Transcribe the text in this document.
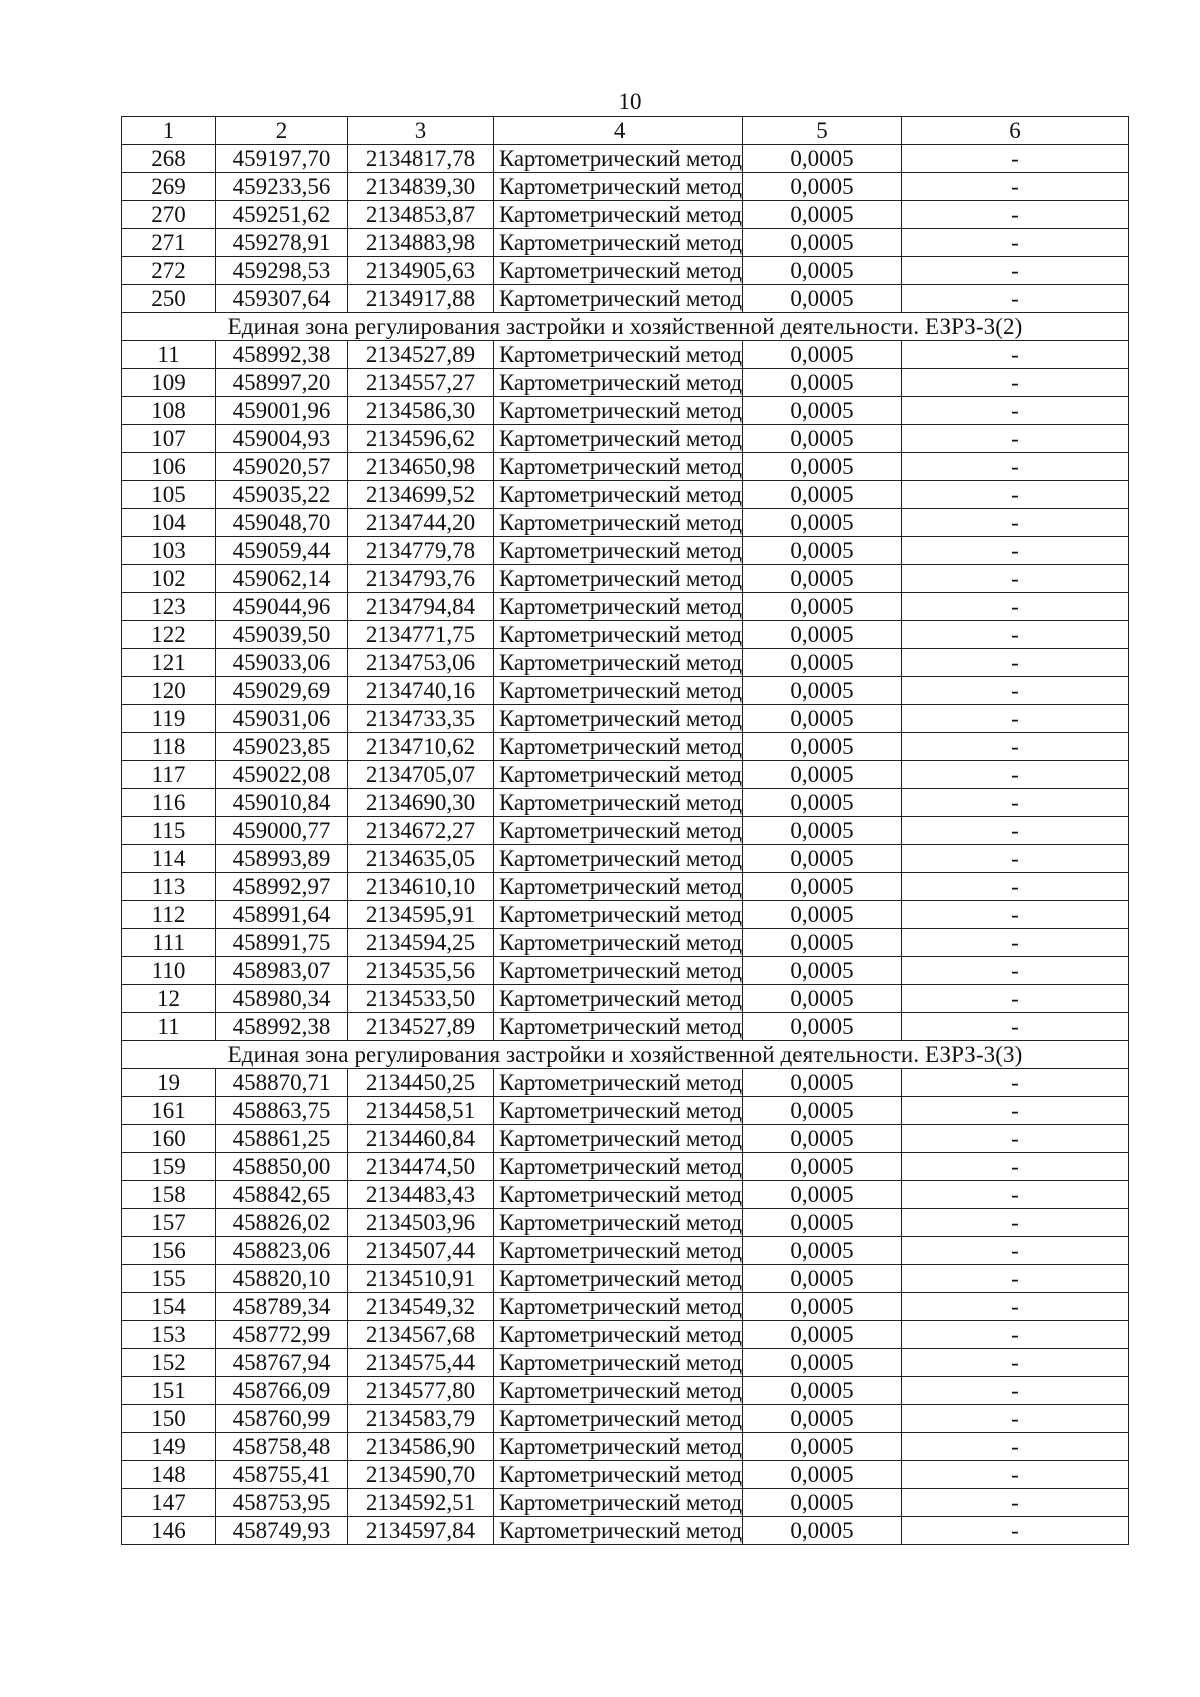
10
1	2	3	4	5	6
268	459197,70	2134817,78	Картометрический метод	0,0005	-
269	459233,56	2134839,30	Картометрический метод	0,0005	-
270	459251,62	2134853,87	Картометрический метод	0,0005	-
271	459278,91	2134883,98	Картометрический метод	0,0005	-
272	459298,53	2134905,63	Картометрический метод	0,0005	-
250	459307,64	2134917,88	Картометрический метод	0,0005	-
Единая зона регулирования застройки и хозяйственной деятельности. ЕЗРЗ-3(2)					
11	458992,38	2134527,89	Картометрический метод	0,0005	-
109	458997,20	2134557,27	Картометрический метод	0,0005	-
108	459001,96	2134586,30	Картометрический метод	0,0005	-
107	459004,93	2134596,62	Картометрический метод	0,0005	-
106	459020,57	2134650,98	Картометрический метод	0,0005	-
105	459035,22	2134699,52	Картометрический метод	0,0005	-
104	459048,70	2134744,20	Картометрический метод	0,0005	-
103	459059,44	2134779,78	Картометрический метод	0,0005	-
102	459062,14	2134793,76	Картометрический метод	0,0005	-
123	459044,96	2134794,84	Картометрический метод	0,0005	-
122	459039,50	2134771,75	Картометрический метод	0,0005	-
121	459033,06	2134753,06	Картометрический метод	0,0005	-
120	459029,69	2134740,16	Картометрический метод	0,0005	-
119	459031,06	2134733,35	Картометрический метод	0,0005	-
118	459023,85	2134710,62	Картометрический метод	0,0005	-
117	459022,08	2134705,07	Картометрический метод	0,0005	-
116	459010,84	2134690,30	Картометрический метод	0,0005	-
115	459000,77	2134672,27	Картометрический метод	0,0005	-
114	458993,89	2134635,05	Картометрический метод	0,0005	-
113	458992,97	2134610,10	Картометрический метод	0,0005	-
112	458991,64	2134595,91	Картометрический метод	0,0005	-
111	458991,75	2134594,25	Картометрический метод	0,0005	-
110	458983,07	2134535,56	Картометрический метод	0,0005	-
12	458980,34	2134533,50	Картометрический метод	0,0005	-
11	458992,38	2134527,89	Картометрический метод	0,0005	-
Единая зона регулирования застройки и хозяйственной деятельности. ЕЗРЗ-3(3)					
19	458870,71	2134450,25	Картометрический метод	0,0005	-
161	458863,75	2134458,51	Картометрический метод	0,0005	-
160	458861,25	2134460,84	Картометрический метод	0,0005	-
159	458850,00	2134474,50	Картометрический метод	0,0005	-
158	458842,65	2134483,43	Картометрический метод	0,0005	-
157	458826,02	2134503,96	Картометрический метод	0,0005	-
156	458823,06	2134507,44	Картометрический метод	0,0005	-
155	458820,10	2134510,91	Картометрический метод	0,0005	-
154	458789,34	2134549,32	Картометрический метод	0,0005	-
153	458772,99	2134567,68	Картометрический метод	0,0005	-
152	458767,94	2134575,44	Картометрический метод	0,0005	-
151	458766,09	2134577,80	Картометрический метод	0,0005	-
150	458760,99	2134583,79	Картометрический метод	0,0005	-
149	458758,48	2134586,90	Картометрический метод	0,0005	-
148	458755,41	2134590,70	Картометрический метод	0,0005	-
147	458753,95	2134592,51	Картометрический метод	0,0005	-
146	458749,93	2134597,84	Картометрический метод	0,0005	-
